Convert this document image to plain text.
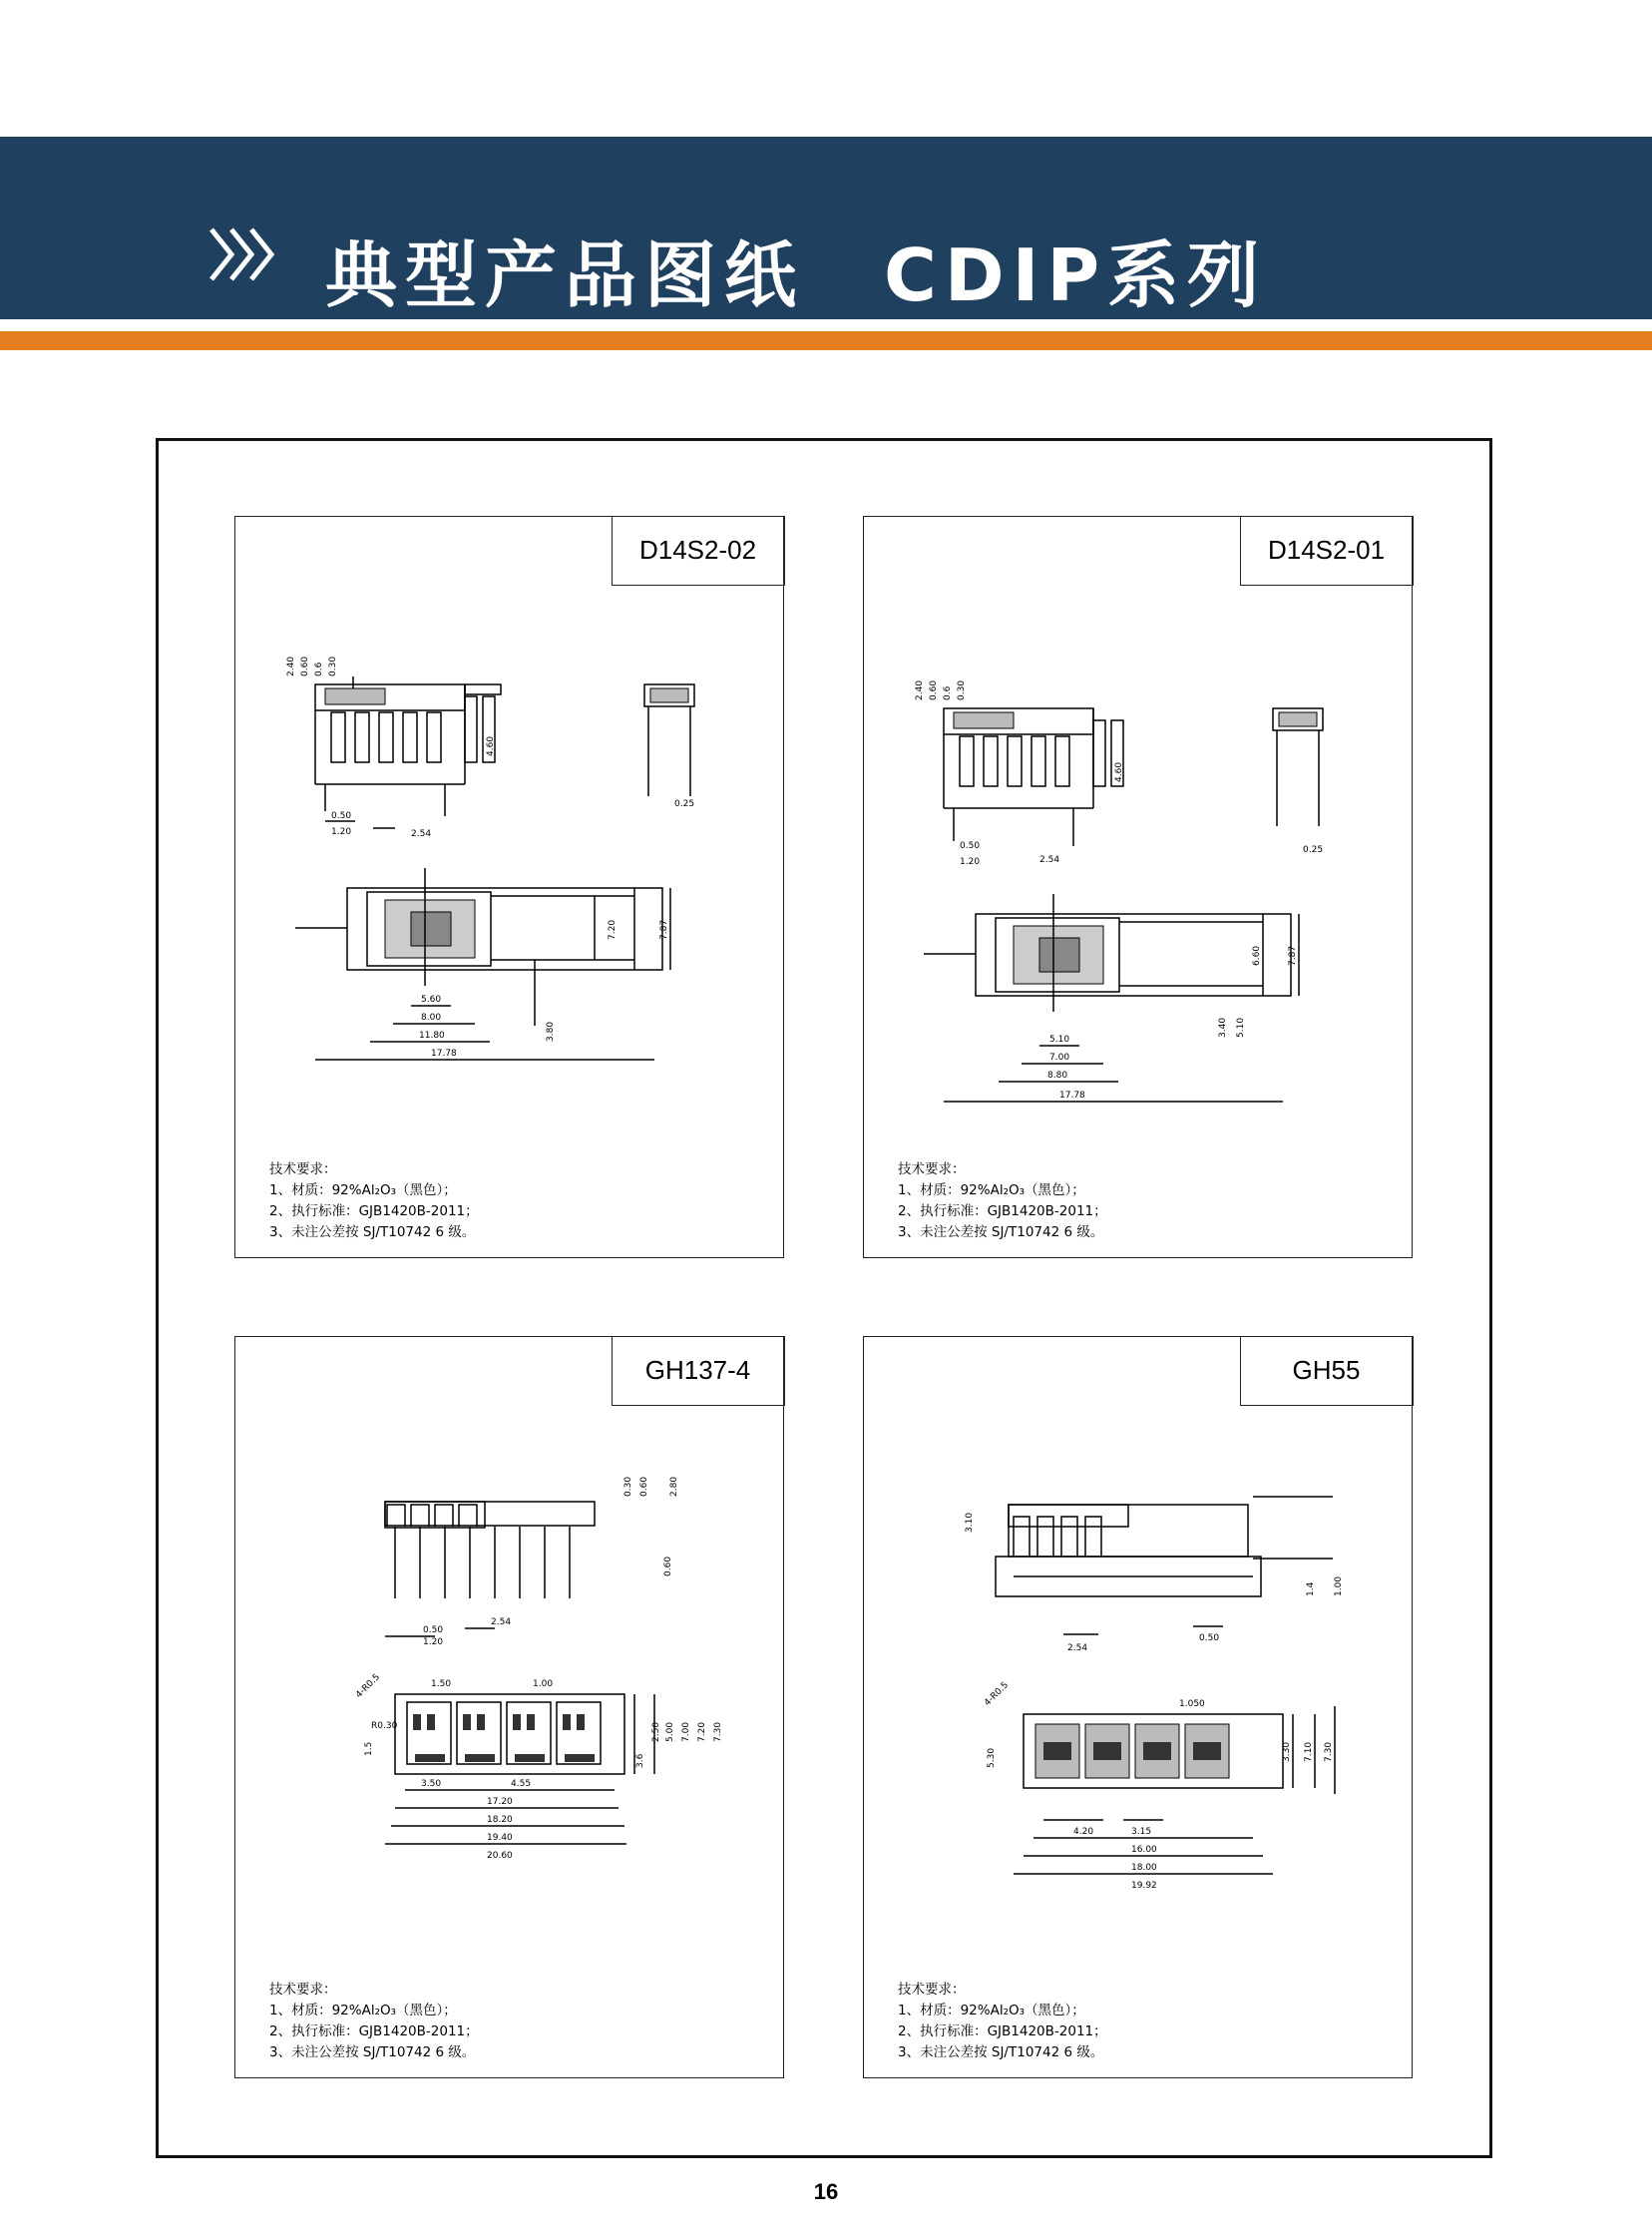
典型产品图纸　CDIP系列
D14S2-02
2.40 0.60 0.6 0.30
0.50
1.20	2.54
4.60
0.25
5.60
8.00
11.80
17.78
3.80
7.20	7.87
技术要求：
1、材质：92%Al₂O₃（黑色）；
2、执行标准：GJB1420B-2011；
3、未注公差按 SJ/T10742 6 级。
D14S2-01
2.40 0.60 0.6 0.30
0.50
1.20	2.54
4.60
0.25
5.10
7.00
8.80
17.78
3.40 5.10
6.60	7.87
技术要求：
1、材质：92%Al₂O₃（黑色）；
2、执行标准：GJB1420B-2011；
3、未注公差按 SJ/T10742 6 级。
GH137-4
0.30 0.60 2.80
0.50
1.20
2.54
0.60
1.50	1.00
R0.30
4-R0.5
3.50	4.55
17.20
18.20
19.40
20.60
2.50 5.00 7.00 7.20 7.30
3.6
1.5
技术要求：
1、材质：92%Al₂O₃（黑色）；
2、执行标准：GJB1420B-2011；
3、未注公差按 SJ/T10742 6 级。
GH55
3.10
1.4 1.00
2.54
0.50
1.050
4-R0.5
4.20	3.15
16.00
18.00
19.92
5.30	3.30 7.10 7.30
技术要求：
1、材质：92%Al₂O₃（黑色）；
2、执行标准：GJB1420B-2011；
3、未注公差按 SJ/T10742 6 级。
16
